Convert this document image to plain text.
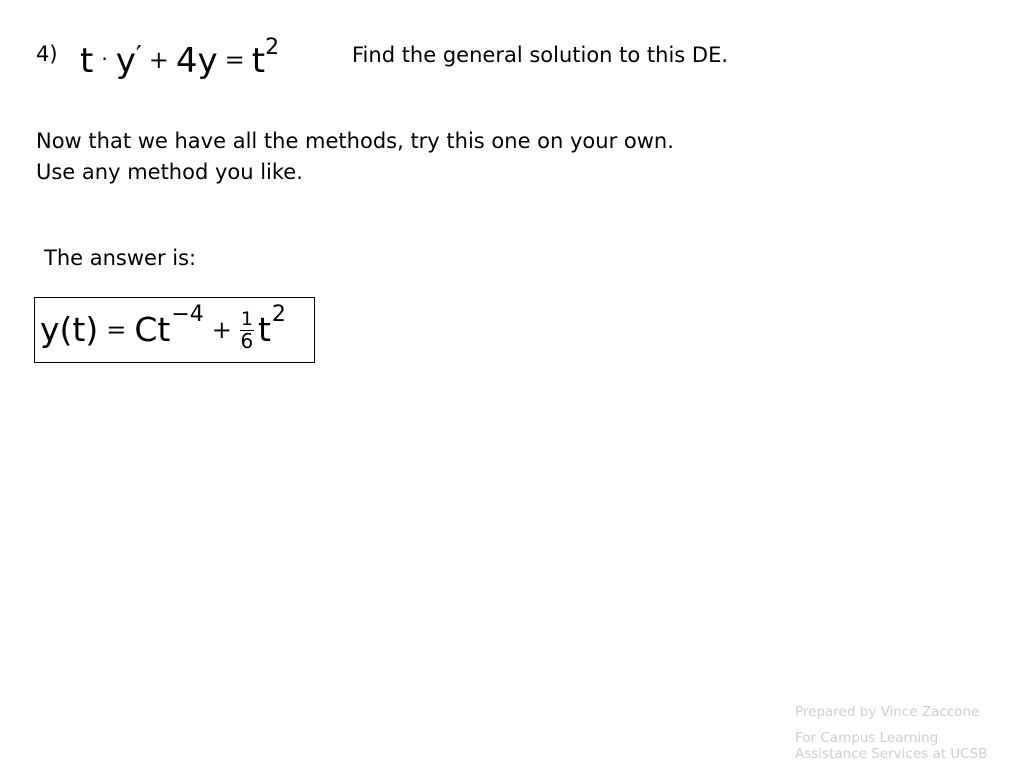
4) $t \cdot y' + 4y = t^2$	Find the general solution to this DE.
Now that we have all the methods, try this one on your own.
Use any method you like.
The answer is:
$y(t) = Ct^{-4}$
+ $\frac{1}{6} t^2$
Prepared by Vince Zaccone
For Campus Learning
Assistance Services at UCSB
